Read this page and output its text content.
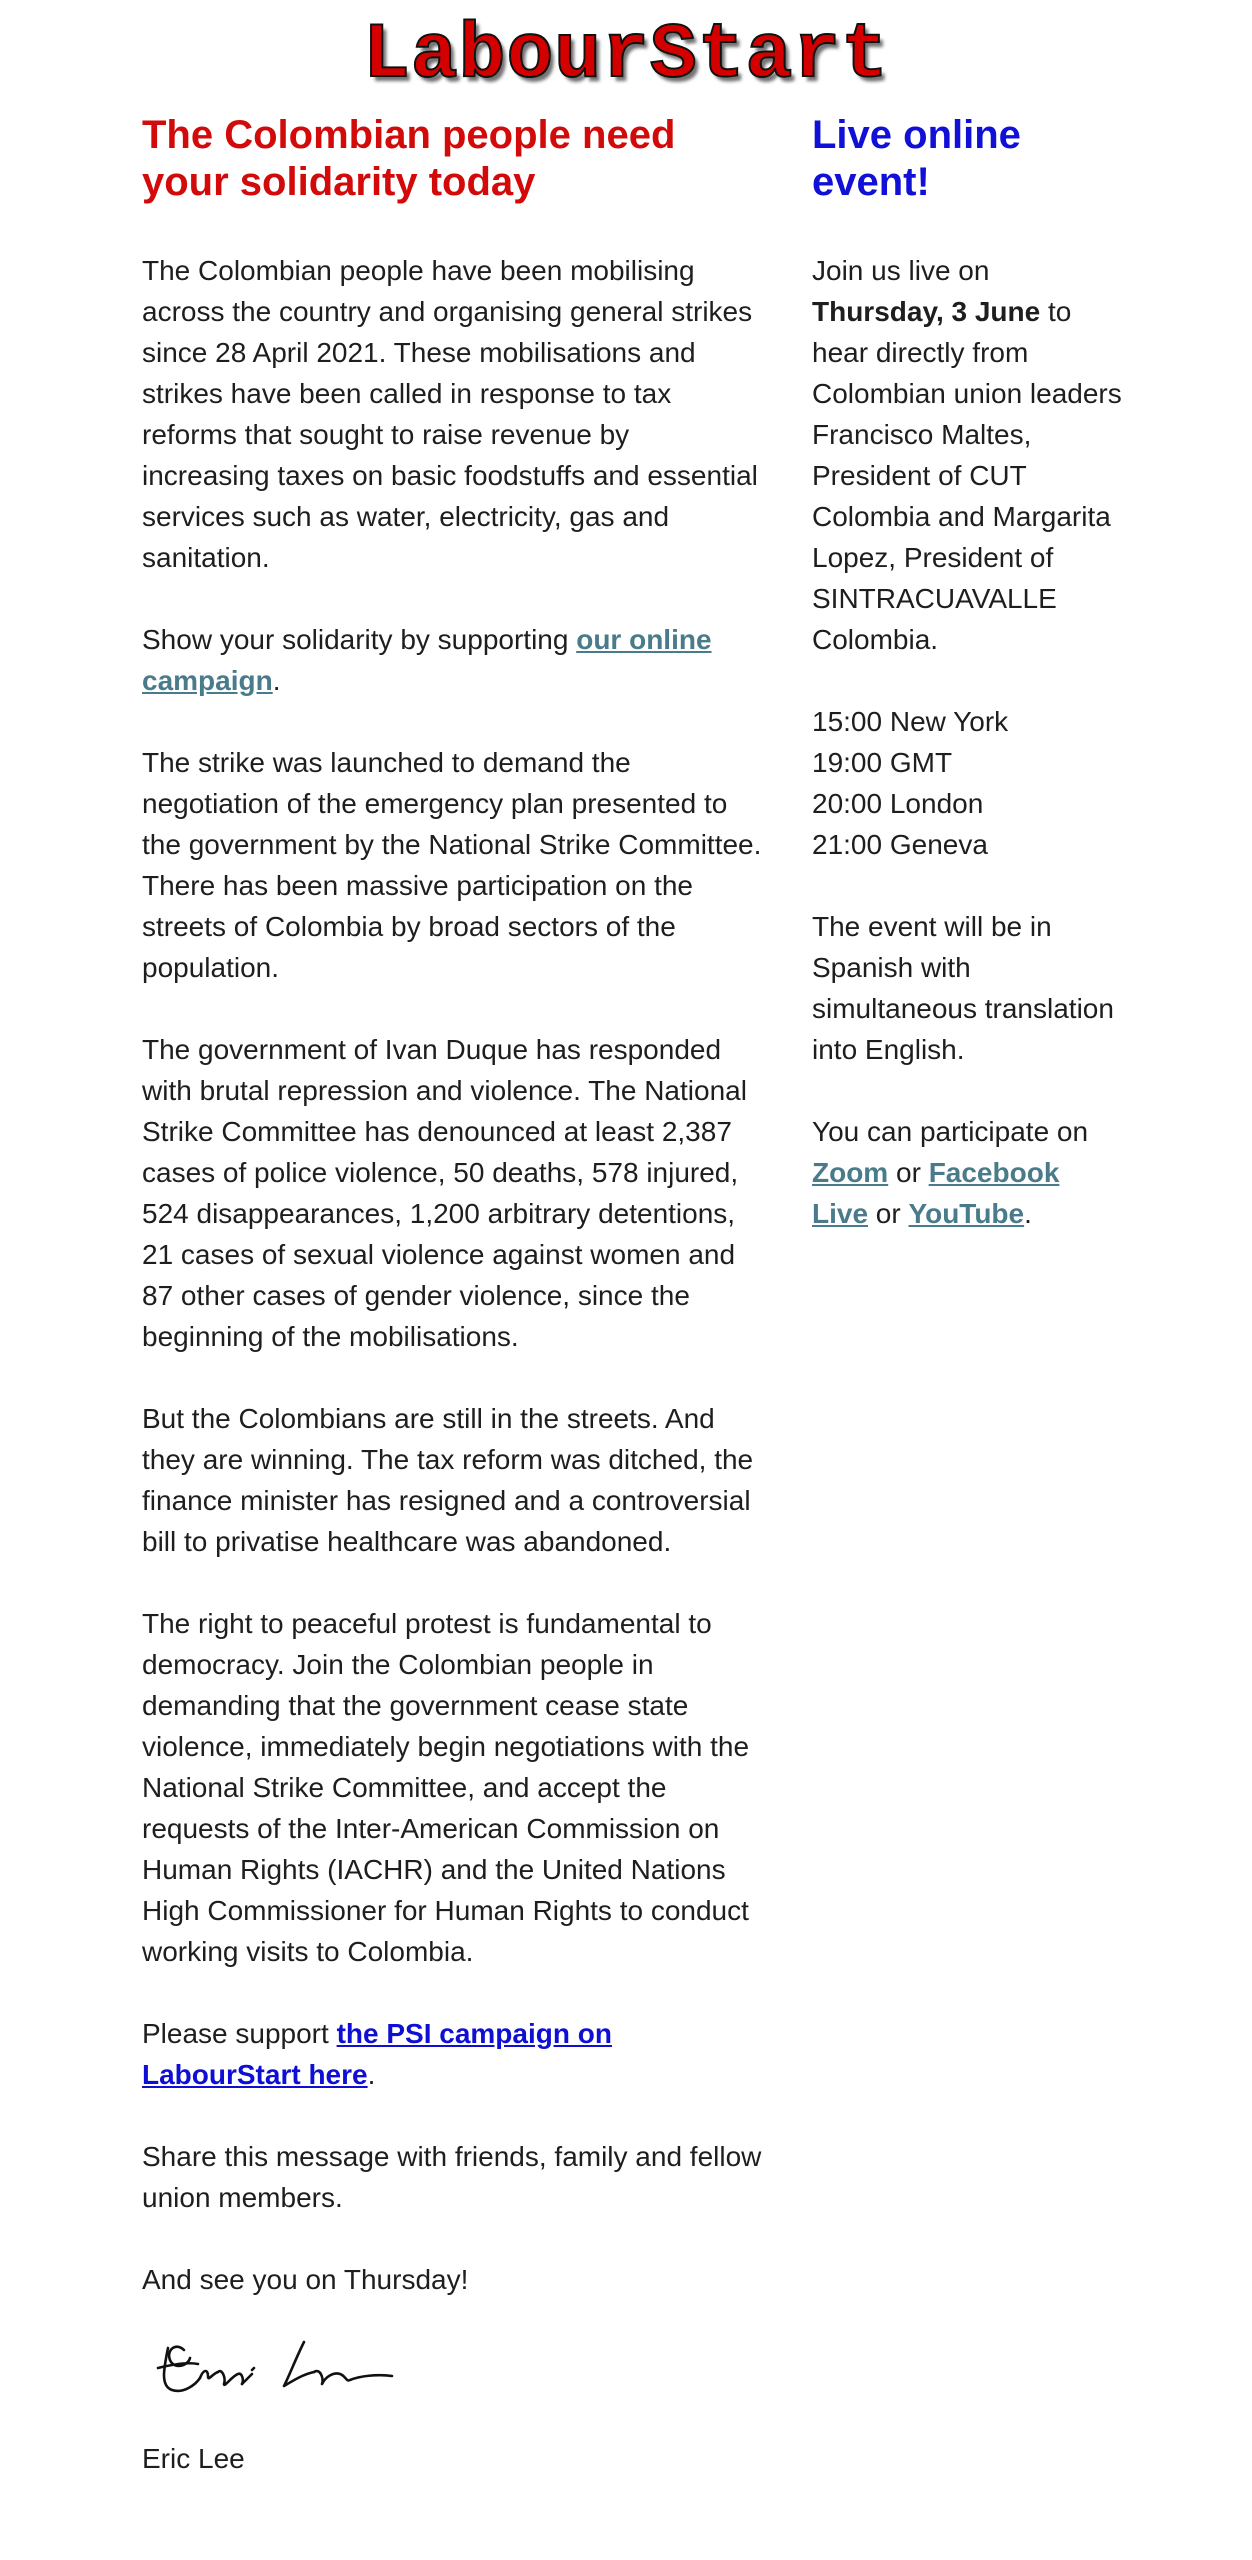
LabourStart
The Colombian people need your solidarity today

The Colombian people have been mobilising across the country and organising general strikes since 28 April 2021. These mobilisations and strikes have been called in response to tax reforms that sought to raise revenue by increasing taxes on basic foodstuffs and essential services such as water, electricity, gas and sanitation.

Show your solidarity by supporting our online campaign.

The strike was launched to demand the negotiation of the emergency plan presented to the government by the National Strike Committee. There has been massive participation on the streets of Colombia by broad sectors of the population.

The government of Ivan Duque has responded with brutal repression and violence. The National Strike Committee has denounced at least 2,387 cases of police violence, 50 deaths, 578 injured, 524 disappearances, 1,200 arbitrary detentions, 21 cases of sexual violence against women and 87 other cases of gender violence, since the beginning of the mobilisations.

But the Colombians are still in the streets. And they are winning. The tax reform was ditched, the finance minister has resigned and a controversial bill to privatise healthcare was abandoned.

The right to peaceful protest is fundamental to democracy. Join the Colombian people in demanding that the government cease state violence, immediately begin negotiations with the National Strike Committee, and accept the requests of the Inter-American Commission on Human Rights (IACHR) and the United Nations High Commissioner for Human Rights to conduct working visits to Colombia.

Please support the PSI campaign on LabourStart here.

Share this message with friends, family and fellow union members.

And see you on Thursday!

Eric Lee

Live online event!

Join us live on Thursday, 3 June to hear directly from Colombian union leaders Francisco Maltes, President of CUT Colombia and Margarita Lopez, President of SINTRACUAVALLE Colombia.

15:00 New York
19:00 GMT
20:00 London
21:00 Geneva

The event will be in Spanish with simultaneous translation into English.

You can participate on Zoom or Facebook Live or YouTube.
